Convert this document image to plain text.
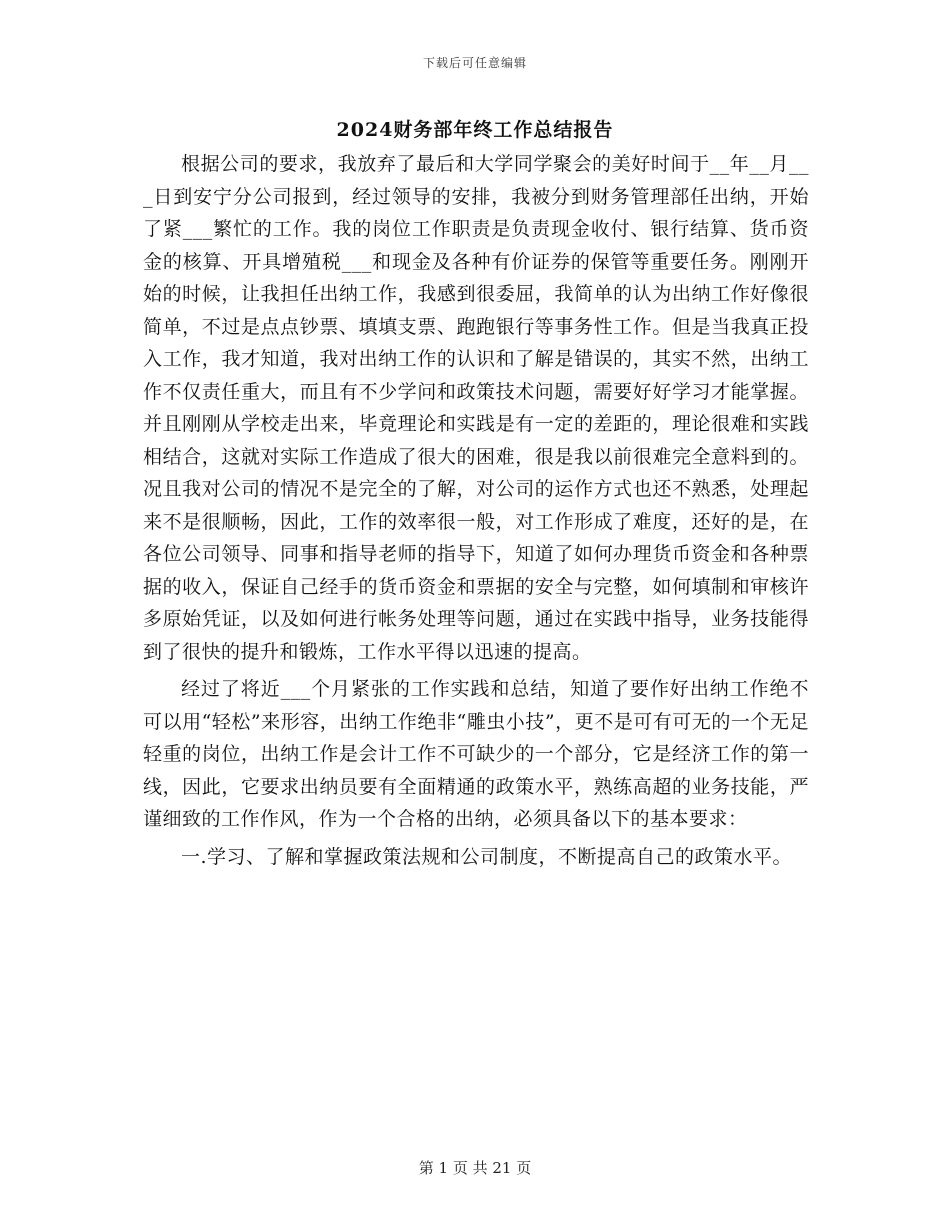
下载后可任意编辑
2024财务部年终工作总结报告

根据公司的要求，我放弃了最后和大学同学聚会的美好时间于__年__月___日到安宁分公司报到，经过领导的安排，我被分到财务管理部任出纳，开始了紧___繁忙的工作。我的岗位工作职责是负责现金收付、银行结算、货币资金的核算、开具增殖税___和现金及各种有价证券的保管等重要任务。刚刚开始的时候，让我担任出纳工作，我感到很委屈，我简单的认为出纳工作好像很简单，不过是点点钞票、填填支票、跑跑银行等事务性工作。但是当我真正投入工作，我才知道，我对出纳工作的认识和了解是错误的，其实不然，出纳工作不仅责任重大，而且有不少学问和政策技术问题，需要好好学习才能掌握。并且刚刚从学校走出来，毕竟理论和实践是有一定的差距的，理论很难和实践相结合，这就对实际工作造成了很大的困难，很是我以前很难完全意料到的。况且我对公司的情况不是完全的了解，对公司的运作方式也还不熟悉，处理起来不是很顺畅，因此，工作的效率很一般，对工作形成了难度，还好的是，在各位公司领导、同事和指导老师的指导下，知道了如何办理货币资金和各种票据的收入，保证自己经手的货币资金和票据的安全与完整，如何填制和审核许多原始凭证，以及如何进行帐务处理等问题，通过在实践中指导，业务技能得到了很快的提升和锻炼，工作水平得以迅速的提高。

经过了将近___个月紧张的工作实践和总结，知道了要作好出纳工作绝不可以用“轻松”来形容，出纳工作绝非“雕虫小技”，更不是可有可无的一个无足轻重的岗位，出纳工作是会计工作不可缺少的一个部分，它是经济工作的第一线，因此，它要求出纳员要有全面精通的政策水平，熟练高超的业务技能，严谨细致的工作作风，作为一个合格的出纳，必须具备以下的基本要求：

一.学习、了解和掌握政策法规和公司制度，不断提高自己的政策水平。

第 1 页 共 21 页
